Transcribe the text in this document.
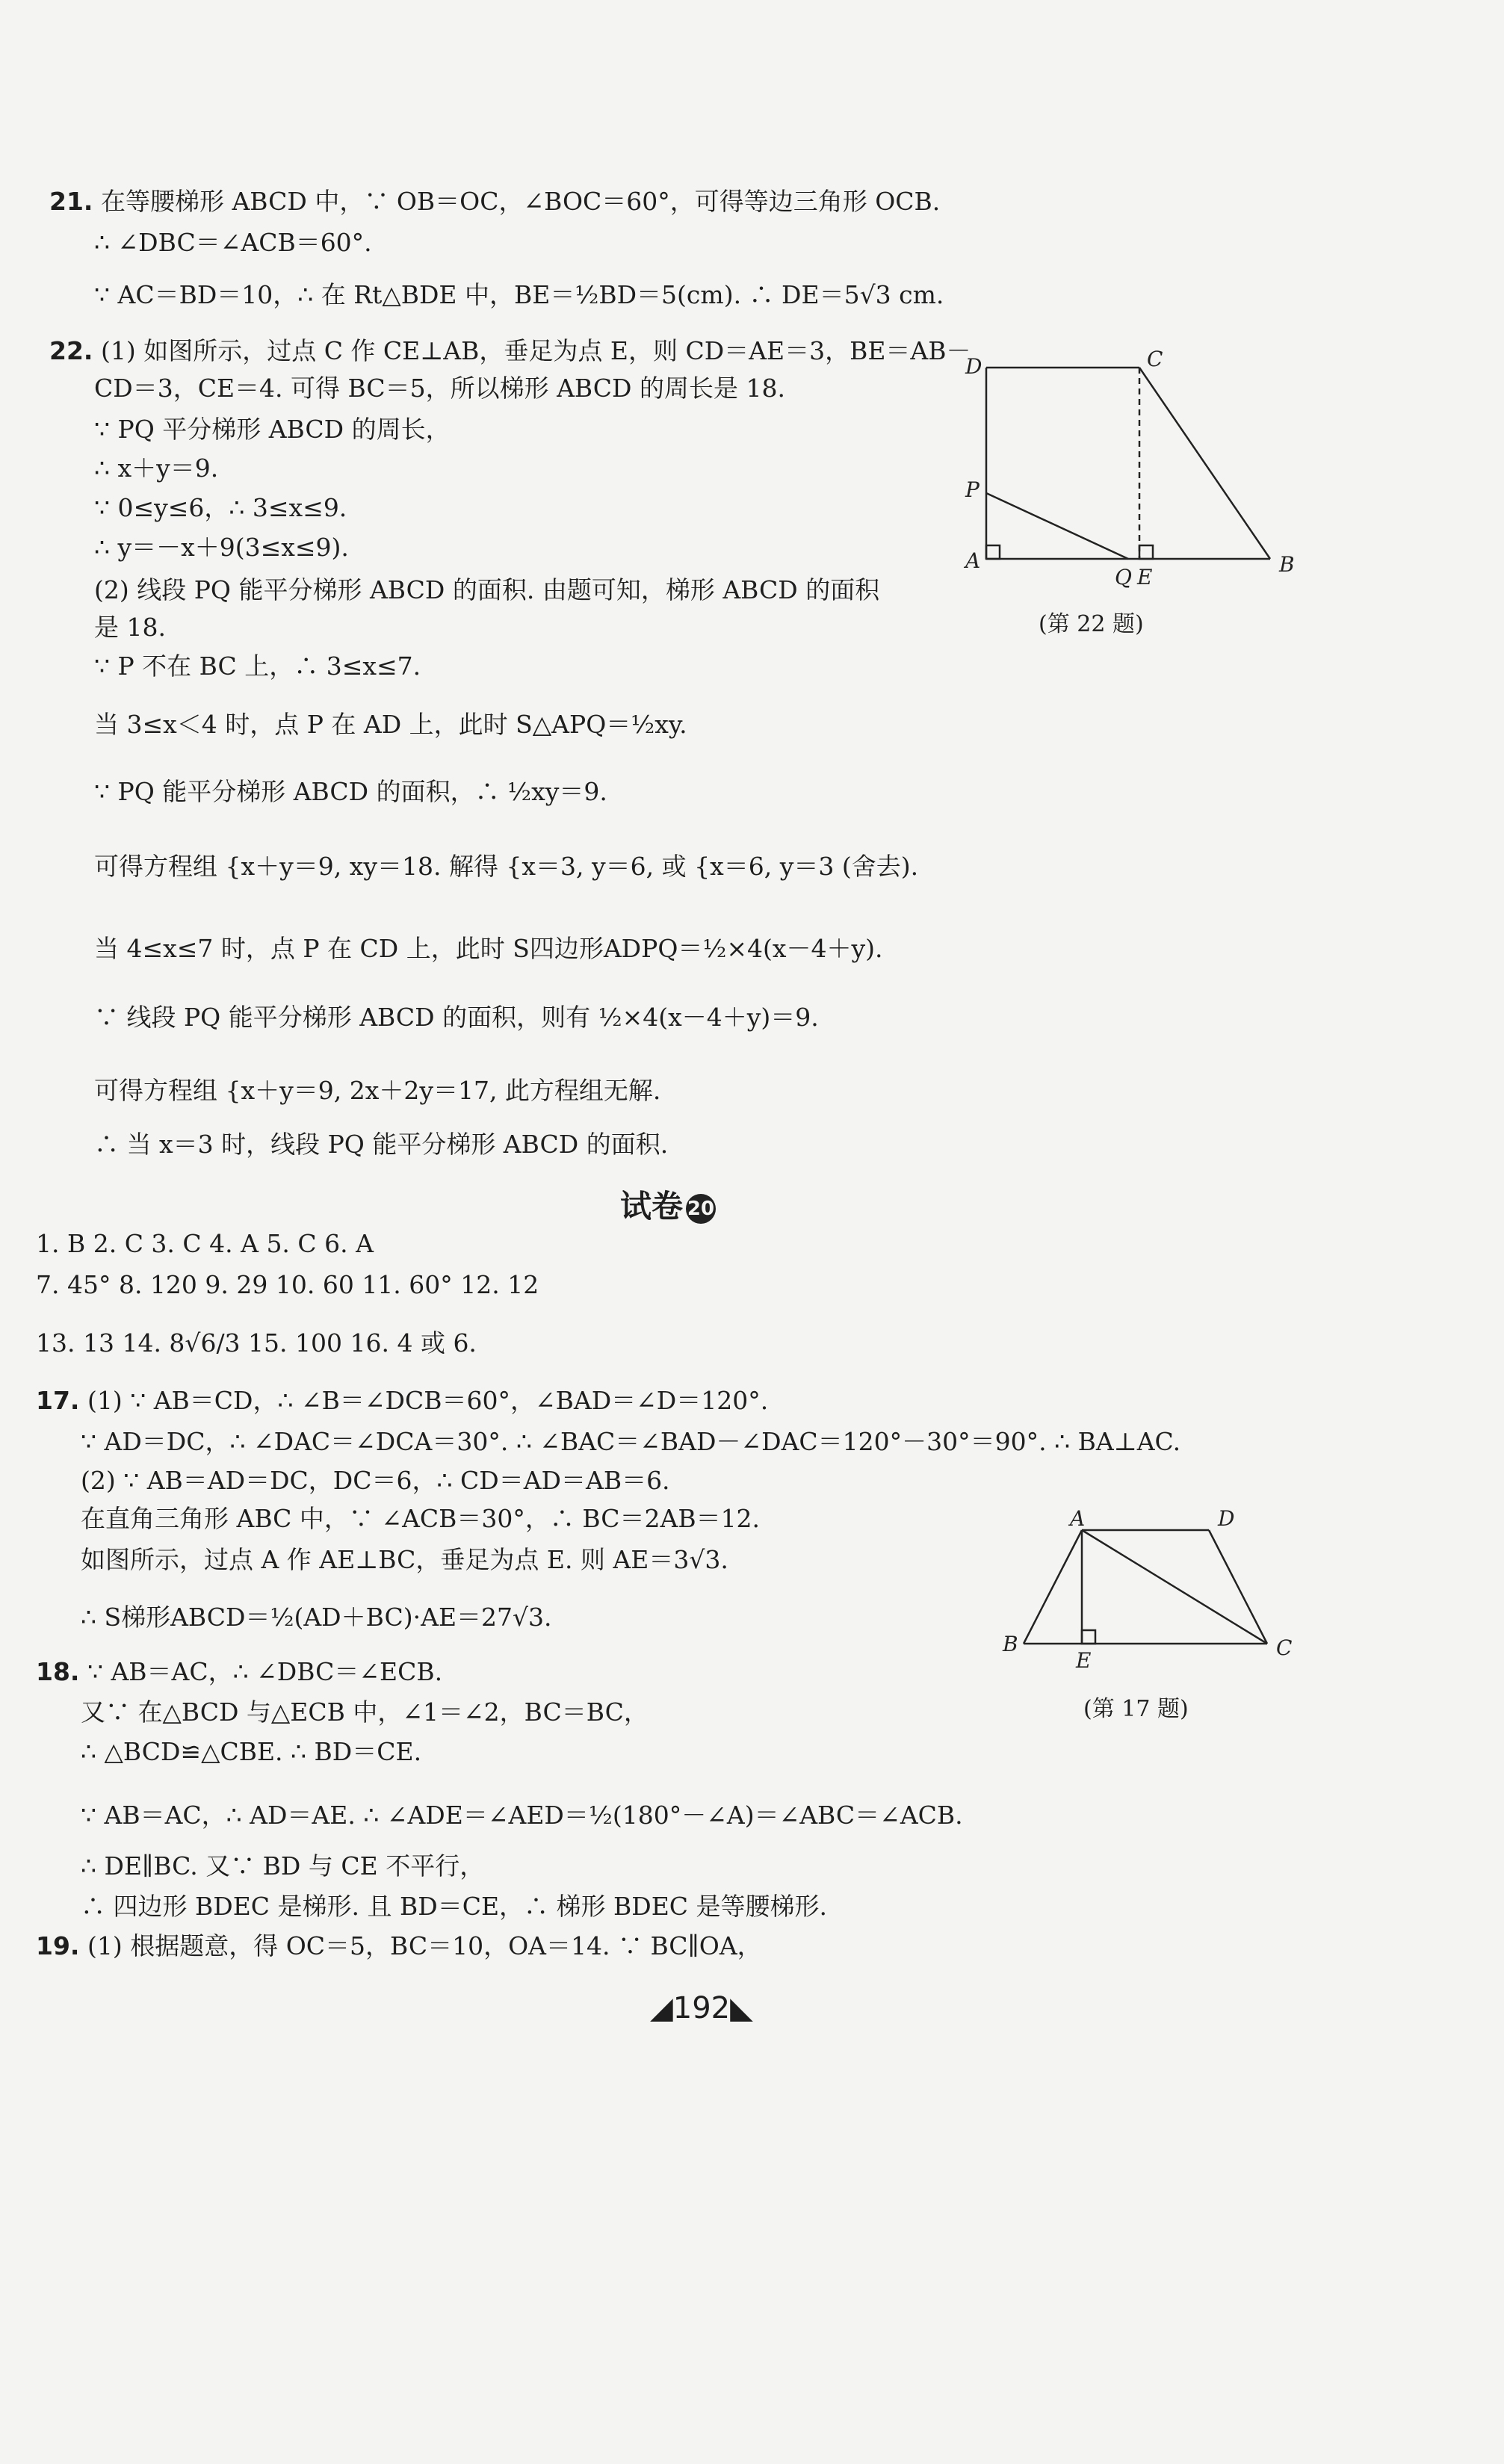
21. 在等腰梯形 ABCD 中，∵ OB＝OC，∠BOC＝60°，可得等边三角形 OCB.
∴ ∠DBC＝∠ACB＝60°.
∵ AC＝BD＝10，∴ 在 Rt△BDE 中，BE＝½BD＝5(cm). ∴ DE＝5√3 cm.
22. (1) 如图所示，过点 C 作 CE⊥AB，垂足为点 E，则 CD＝AE＝3，BE＝AB－
CD＝3，CE＝4. 可得 BC＝5，所以梯形 ABCD 的周长是 18.
∵ PQ 平分梯形 ABCD 的周长，
∴ x＋y＝9.
∵ 0≤y≤6，∴ 3≤x≤9.
∴ y＝－x＋9(3≤x≤9).
(2) 线段 PQ 能平分梯形 ABCD 的面积. 由题可知，梯形 ABCD 的面积
是 18.
∵ P 不在 BC 上，∴ 3≤x≤7.
当 3≤x＜4 时，点 P 在 AD 上，此时 S△APQ＝½xy.
∵ PQ 能平分梯形 ABCD 的面积，∴ ½xy＝9.
可得方程组 {x＋y＝9, xy＝18. 解得 {x＝3, y＝6, 或 {x＝6, y＝3 (舍去).
当 4≤x≤7 时，点 P 在 CD 上，此时 S四边形ADPQ＝½×4(x－4＋y).
∵ 线段 PQ 能平分梯形 ABCD 的面积，则有 ½×4(x－4＋y)＝9.
可得方程组 {x＋y＝9, 2x＋2y＝17, 此方程组无解.
∴ 当 x＝3 时，线段 PQ 能平分梯形 ABCD 的面积.
D	C
P
A
Q E
B
(第 22 题)
试卷 20
1. B 2. C 3. C 4. A 5. C 6. A
7. 45° 8. 120 9. 29 10. 60 11. 60° 12. 12
13. 13 14. 8√6/3 15. 100 16. 4 或 6.
17. (1) ∵ AB＝CD，∴ ∠B＝∠DCB＝60°，∠BAD＝∠D＝120°.
∵ AD＝DC，∴ ∠DAC＝∠DCA＝30°. ∴ ∠BAC＝∠BAD－∠DAC＝120°－30°＝90°. ∴ BA⊥AC.
(2) ∵ AB＝AD＝DC，DC＝6，∴ CD＝AD＝AB＝6.
在直角三角形 ABC 中，∵ ∠ACB＝30°，∴ BC＝2AB＝12.
如图所示，过点 A 作 AE⊥BC，垂足为点 E. 则 AE＝3√3.
∴ S梯形ABCD＝½(AD＋BC)·AE＝27√3.
A	D
B
E
C
(第 17 题)
18. ∵ AB＝AC，∴ ∠DBC＝∠ECB.
又∵ 在△BCD 与△ECB 中，∠1＝∠2，BC＝BC，
∴ △BCD≌△CBE. ∴ BD＝CE.
∵ AB＝AC，∴ AD＝AE. ∴ ∠ADE＝∠AED＝½(180°－∠A)＝∠ABC＝∠ACB.
∴ DE∥BC. 又∵ BD 与 CE 不平行，
∴ 四边形 BDEC 是梯形. 且 BD＝CE，∴ 梯形 BDEC 是等腰梯形.
19. (1) 根据题意，得 OC＝5，BC＝10，OA＝14. ∵ BC∥OA，
◢192◣
